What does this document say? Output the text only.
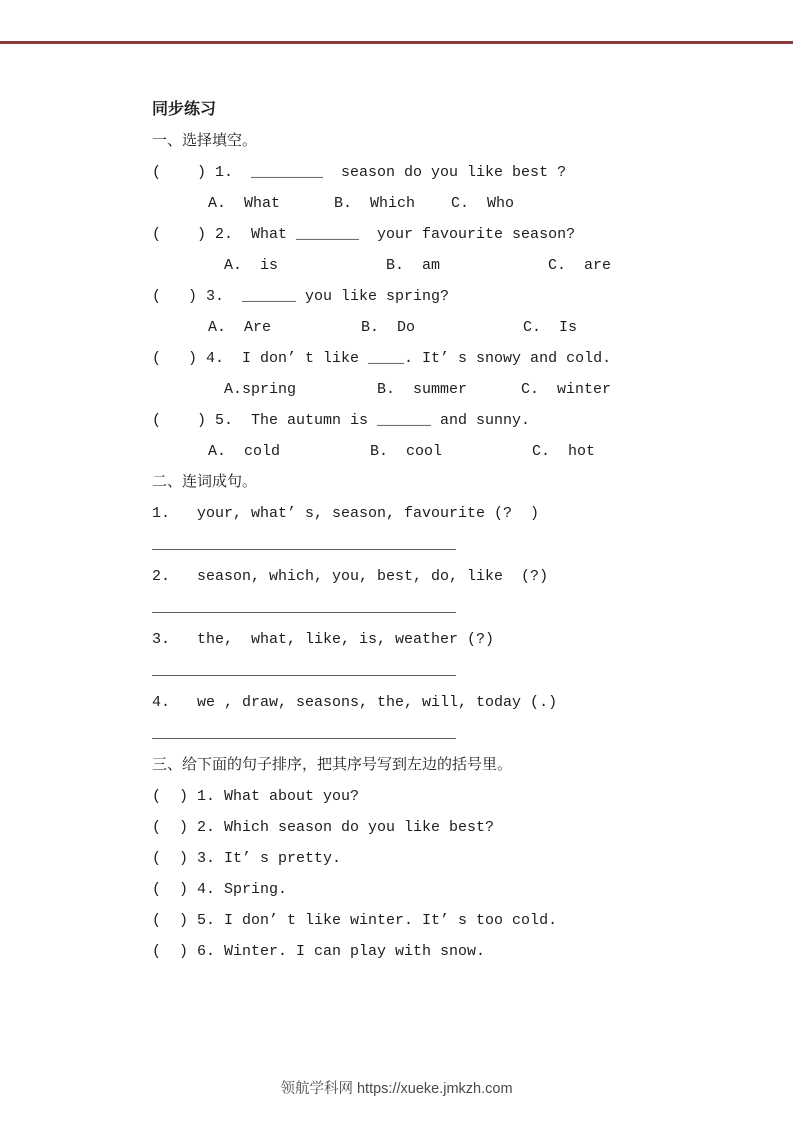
同步练习
一、选择填空。
(    ) 1.  ________  season do you like best ?
A.  What      B.  Which    C.  Who
(    ) 2.  What _______  your favourite season?
A.  is            B.  am            C.  are
(   ) 3.  ______ you like spring?
A.  Are          B.  Do            C.  Is
(   ) 4.  I don’ t like ____. It’ s snowy and cold.
A.spring         B.  summer      C.  winter
(    ) 5.  The autumn is ______ and sunny.
A.  cold          B.  cool          C.  hot
二、连词成句。
1.   your, what’ s, season, favourite (?  )
2.   season, which, you, best, do, like  (?)
3.   the,  what, like, is, weather (?)
4.   we , draw, seasons, the, will, today (.)
三、给下面的句子排序，把其序号写到左边的括号里。
(  ) 1. What about you?
(  ) 2. Which season do you like best?
(  ) 3. It’ s pretty.
(  ) 4. Spring.
(  ) 5. I don’ t like winter. It’ s too cold.
(  ) 6. Winter. I can play with snow.
领航学科网 https://xueke.jmkzh.com
